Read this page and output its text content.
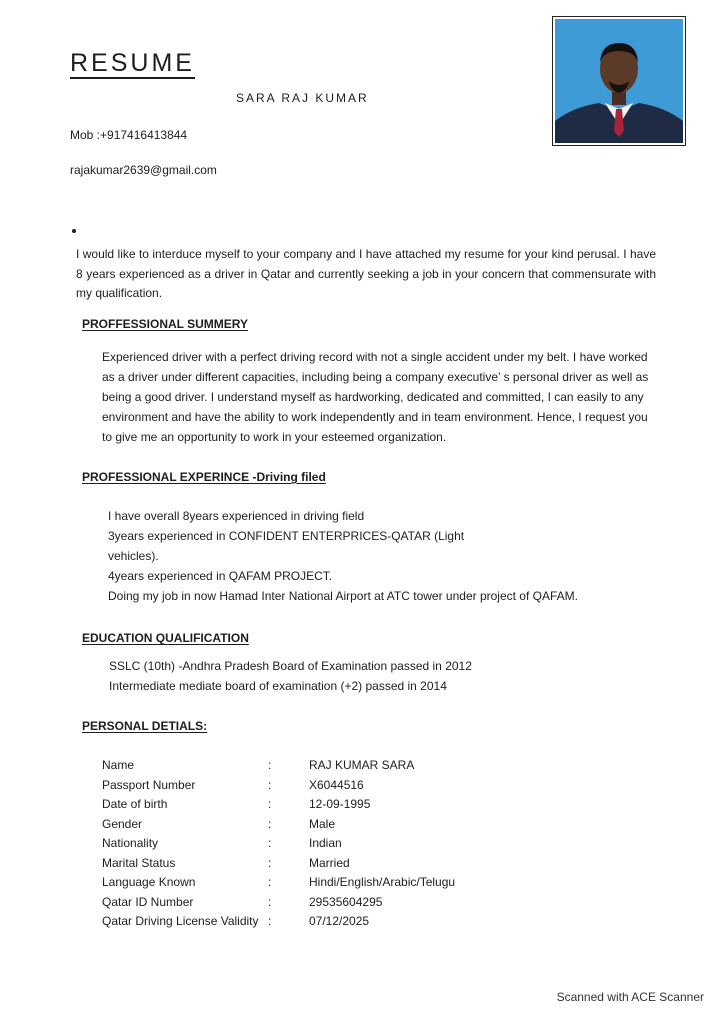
RESUME
SARA RAJ KUMAR
Mob :+917416413844
rajakumar2639@gmail.com
I would like to interduce myself to your company and I have attached my resume for your kind perusal. I have 8 years experienced as a driver in Qatar and currently seeking a job in your concern that commensurate with my qualification.
PROFFESSIONAL SUMMERY
Experienced driver with a perfect driving record with not a single accident under my belt. I have worked as a driver under different capacities, including being a company executive’ s personal driver as well as being a good driver. I understand myself as hardworking, dedicated and committed, I can easily to any environment and have the ability to work independently and in team environment. Hence, I request you to give me an opportunity to work in your esteemed organization.
PROFESSIONAL EXPERINCE -Driving filed
I have overall 8years experienced in driving field
3years experienced in CONFIDENT ENTERPRICES-QATAR (Light
vehicles).
4years experienced in QAFAM PROJECT.
Doing my job in now Hamad Inter National Airport at ATC tower under project of QAFAM.
EDUCATION QUALIFICATION
SSLC (10th) -Andhra Pradesh Board of Examination passed in 2012
Intermediate mediate board of examination (+2) passed in 2014
PERSONAL DETIALS:
Name	:	RAJ KUMAR SARA
Passport Number	:	X6044516
Date of birth	:	12-09-1995
Gender	:	Male
Nationality	:	Indian
Marital Status	:	Married
Language Known	:	Hindi/English/Arabic/Telugu
Qatar ID Number	:	29535604295
Qatar Driving License Validity :	07/12/2025
Scanned with ACE Scanner
